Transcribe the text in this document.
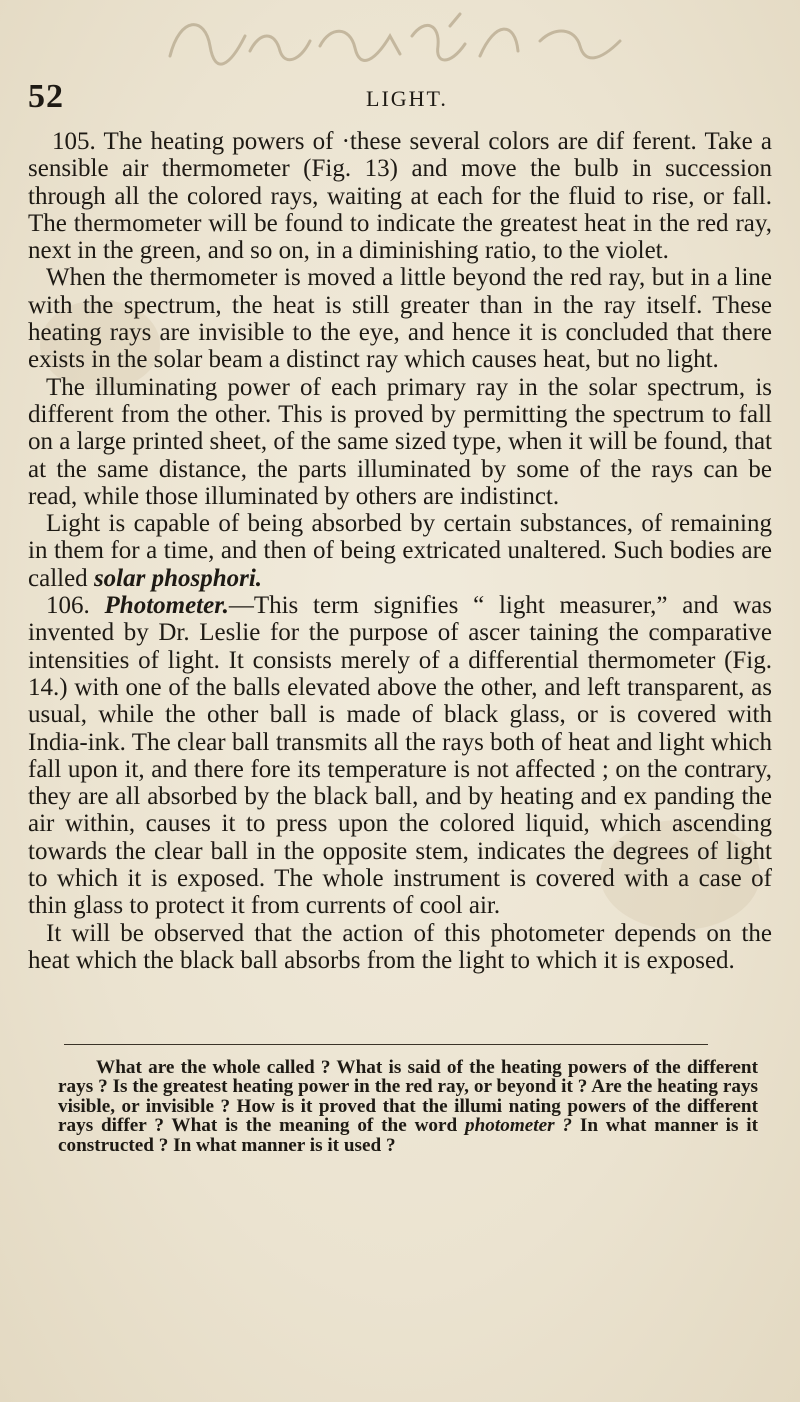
52	LIGHT.

105. The heating powers of ·these several colors are dif ferent. Take a sensible air thermometer (Fig. 13) and move the bulb in succession through all the colored rays, waiting at each for the fluid to rise, or fall. The thermometer will be found to indicate the greatest heat in the red ray, next in the green, and so on, in a diminishing ratio, to the violet.

When the thermometer is moved a little beyond the red ray, but in a line with the spectrum, the heat is still greater than in the ray itself. These heating rays are invisible to the eye, and hence it is concluded that there exists in the solar beam a distinct ray which causes heat, but no light.

The illuminating power of each primary ray in the solar spectrum, is different from the other. This is proved by permitting the spectrum to fall on a large printed sheet, of the same sized type, when it will be found, that at the same distance, the parts illuminated by some of the rays can be read, while those illuminated by others are indistinct.

Light is capable of being absorbed by certain substances, of remaining in them for a time, and then of being extricated unaltered. Such bodies are called solar phosphori.

106. Photometer.—This term signifies “ light measurer,” and was invented by Dr. Leslie for the purpose of ascer taining the comparative intensities of light. It consists merely of a differential thermometer (Fig. 14.) with one of the balls elevated above the other, and left transparent, as usual, while the other ball is made of black glass, or is covered with India-ink. The clear ball transmits all the rays both of heat and light which fall upon it, and there fore its temperature is not affected ; on the contrary, they are all absorbed by the black ball, and by heating and ex panding the air within, causes it to press upon the colored liquid, which ascending towards the clear ball in the opposite stem, indicates the degrees of light to which it is exposed. The whole instrument is covered with a case of thin glass to protect it from currents of cool air.

It will be observed that the action of this photometer depends on the heat which the black ball absorbs from the light to which it is exposed.

What are the whole called ? What is said of the heating powers of the different rays ? Is the greatest heating power in the red ray, or beyond it ? Are the heating rays visible, or invisible ? How is it proved that the illumi nating powers of the different rays differ ? What is the meaning of the word photometer ? In what manner is it constructed ? In what manner is it used ?
